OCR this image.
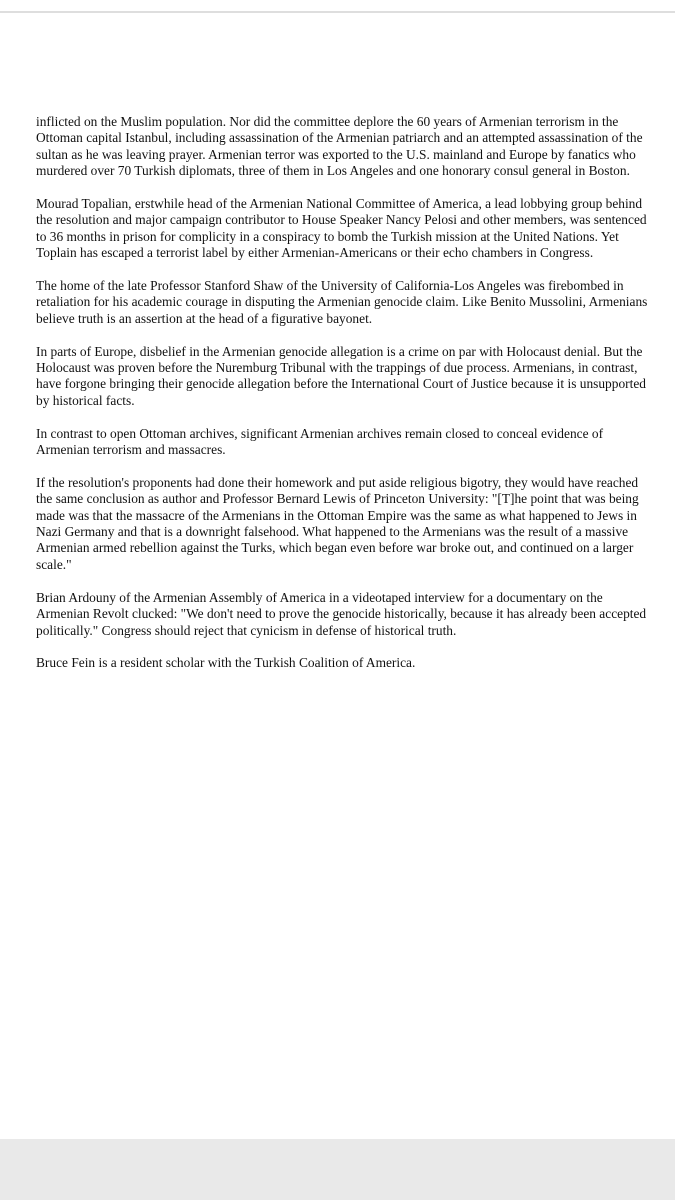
inflicted on the Muslim population. Nor did the committee deplore the 60 years of Armenian terrorism in the Ottoman capital Istanbul, including assassination of the Armenian patriarch and an attempted assassination of the sultan as he was leaving prayer. Armenian terror was exported to the U.S. mainland and Europe by fanatics who murdered over 70 Turkish diplomats, three of them in Los Angeles and one honorary consul general in Boston.

Mourad Topalian, erstwhile head of the Armenian National Committee of America, a lead lobbying group behind the resolution and major campaign contributor to House Speaker Nancy Pelosi and other members, was sentenced to 36 months in prison for complicity in a conspiracy to bomb the Turkish mission at the United Nations. Yet Toplain has escaped a terrorist label by either Armenian-Americans or their echo chambers in Congress.

The home of the late Professor Stanford Shaw of the University of California-Los Angeles was firebombed in retaliation for his academic courage in disputing the Armenian genocide claim. Like Benito Mussolini, Armenians believe truth is an assertion at the head of a figurative bayonet.

In parts of Europe, disbelief in the Armenian genocide allegation is a crime on par with Holocaust denial. But the Holocaust was proven before the Nuremburg Tribunal with the trappings of due process. Armenians, in contrast, have forgone bringing their genocide allegation before the International Court of Justice because it is unsupported by historical facts.

In contrast to open Ottoman archives, significant Armenian archives remain closed to conceal evidence of Armenian terrorism and massacres.

If the resolution's proponents had done their homework and put aside religious bigotry, they would have reached the same conclusion as author and Professor Bernard Lewis of Princeton University: "[T]he point that was being made was that the massacre of the Armenians in the Ottoman Empire was the same as what happened to Jews in Nazi Germany and that is a downright falsehood. What happened to the Armenians was the result of a massive Armenian armed rebellion against the Turks, which began even before war broke out, and continued on a larger scale."

Brian Ardouny of the Armenian Assembly of America in a videotaped interview for a documentary on the Armenian Revolt clucked: "We don't need to prove the genocide historically, because it has already been accepted politically." Congress should reject that cynicism in defense of historical truth.

Bruce Fein is a resident scholar with the Turkish Coalition of America.
